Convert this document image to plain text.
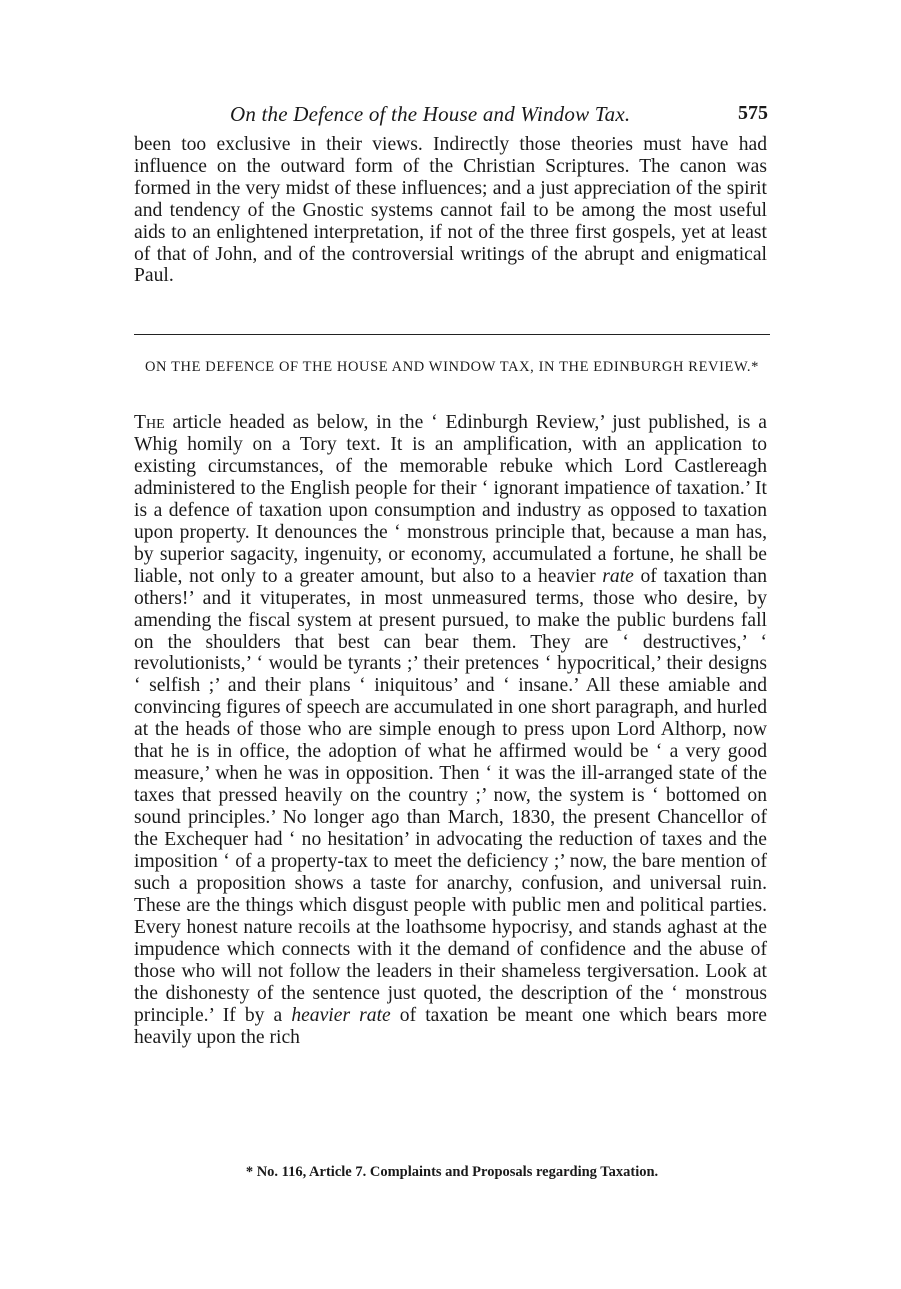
On the Defence of the House and Window Tax.	575

been too exclusive in their views. Indirectly those theories must have had influence on the outward form of the Christian Scriptures. The canon was formed in the very midst of these influences; and a just appreciation of the spirit and tendency of the Gnostic systems cannot fail to be among the most useful aids to an enlightened interpretation, if not of the three first gospels, yet at least of that of John, and of the controversial writings of the abrupt and enigmatical Paul.

ON THE DEFENCE OF THE HOUSE AND WINDOW TAX, IN THE EDINBURGH REVIEW.*

The article headed as below, in the ‘ Edinburgh Review,’ just published, is a Whig homily on a Tory text. It is an amplification, with an application to existing circumstances, of the memorable rebuke which Lord Castlereagh administered to the English people for their ‘ ignorant impatience of taxation.’ It is a defence of taxation upon consumption and industry as opposed to taxation upon property. It denounces the ‘ monstrous principle that, because a man has, by superior sagacity, ingenuity, or economy, accumulated a fortune, he shall be liable, not only to a greater amount, but also to a heavier rate of taxation than others!’ and it vituperates, in most unmeasured terms, those who desire, by amending the fiscal system at present pursued, to make the public burdens fall on the shoulders that best can bear them. They are ‘ destructives,’ ‘ revolutionists,’ ‘ would be tyrants ;’ their pretences ‘ hypocritical,’ their designs ‘ selfish ;’ and their plans ‘ iniquitous’ and ‘ insane.’ All these amiable and convincing figures of speech are accumulated in one short paragraph, and hurled at the heads of those who are simple enough to press upon Lord Althorp, now that he is in office, the adoption of what he affirmed would be ‘ a very good measure,’ when he was in opposition. Then ‘ it was the ill-arranged state of the taxes that pressed heavily on the country ;’ now, the system is ‘ bottomed on sound principles.’ No longer ago than March, 1830, the present Chancellor of the Exchequer had ‘ no hesitation’ in advocating the reduction of taxes and the imposition ‘ of a property-tax to meet the deficiency ;’ now, the bare mention of such a proposition shows a taste for anarchy, confusion, and universal ruin. These are the things which disgust people with public men and political parties. Every honest nature recoils at the loathsome hypocrisy, and stands aghast at the impudence which connects with it the demand of confidence and the abuse of those who will not follow the leaders in their shameless tergiversation. Look at the dishonesty of the sentence just quoted, the description of the ‘ monstrous principle.’ If by a heavier rate of taxation be meant one which bears more heavily upon the rich

* No. 116, Article 7. Complaints and Proposals regarding Taxation.
